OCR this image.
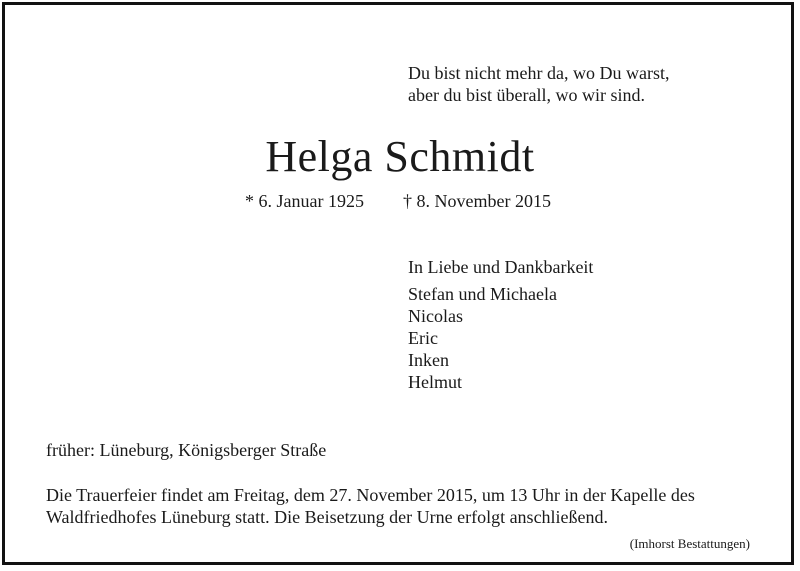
Du bist nicht mehr da, wo Du warst,
aber du bist überall, wo wir sind.
Helga Schmidt
* 6. Januar 1925 † 8. November 2015
In Liebe und Dankbarkeit
Stefan und Michaela
Nicolas
Eric
Inken
Helmut
früher: Lüneburg, Königsberger Straße
Die Trauerfeier findet am Freitag, dem 27. November 2015, um 13 Uhr in der Kapelle des
Waldfriedhofes Lüneburg statt. Die Beisetzung der Urne erfolgt anschließend.
(Imhorst Bestattungen)
